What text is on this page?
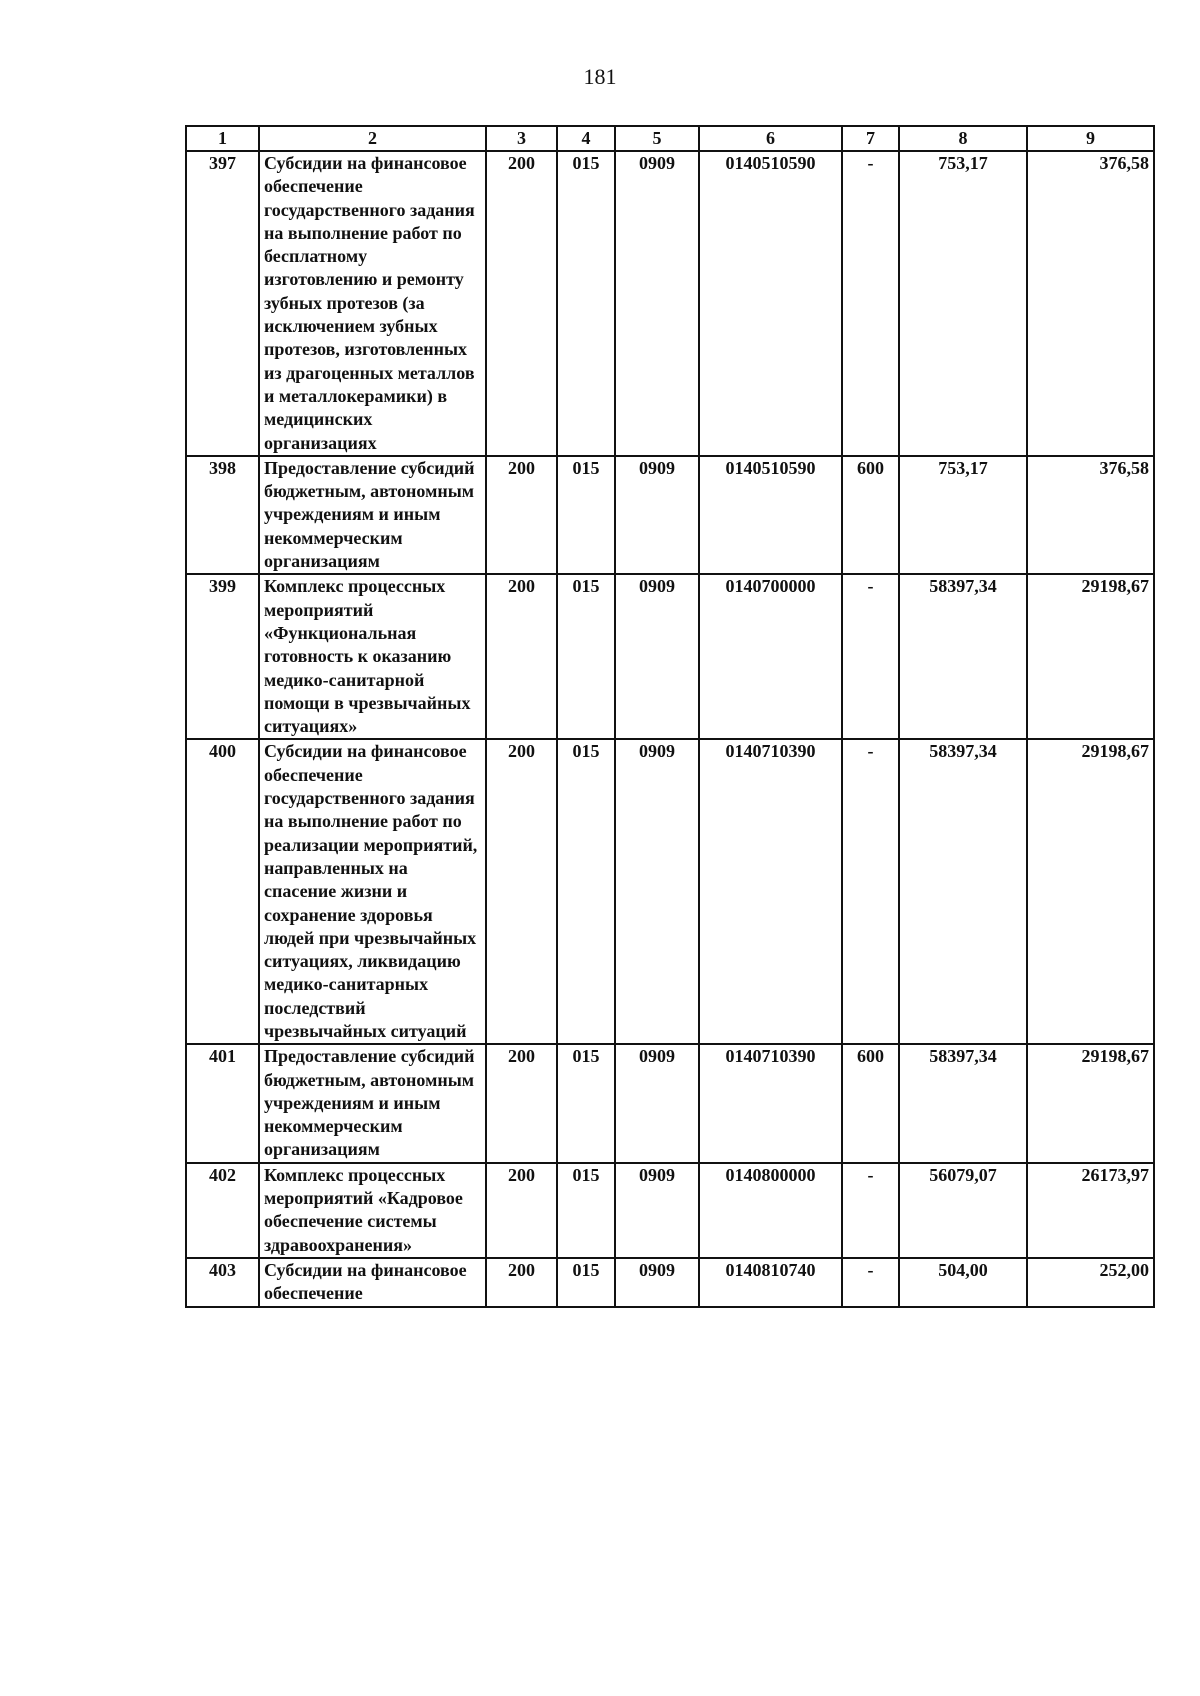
181
1	2	3	4	5	6	7	8	9
397	Субсидии на финансовое обеспечение государственного задания на выполнение работ по бесплатному изготовлению и ремонту зубных протезов (за исключением зубных протезов, изготовленных из драгоценных металлов и металлокерамики) в медицинских организациях	200	015	0909	0140510590	-	753,17	376,58
398	Предоставление субсидий бюджетным, автономным учреждениям и иным некоммерческим организациям	200	015	0909	0140510590	600	753,17	376,58
399	Комплекс процессных мероприятий «Функциональная готовность к оказанию медико-санитарной помощи в чрезвычайных ситуациях»	200	015	0909	0140700000	-	58397,34	29198,67
400	Субсидии на финансовое обеспечение государственного задания на выполнение работ по реализации мероприятий, направленных на спасение жизни и сохранение здоровья людей при чрезвычайных ситуациях, ликвидацию медико-санитарных последствий чрезвычайных ситуаций	200	015	0909	0140710390	-	58397,34	29198,67
401	Предоставление субсидий бюджетным, автономным учреждениям и иным некоммерческим организациям	200	015	0909	0140710390	600	58397,34	29198,67
402	Комплекс процессных мероприятий «Кадровое обеспечение системы здравоохранения»	200	015	0909	0140800000	-	56079,07	26173,97
403	Субсидии на финансовое обеспечение	200	015	0909	0140810740	-	504,00	252,00
